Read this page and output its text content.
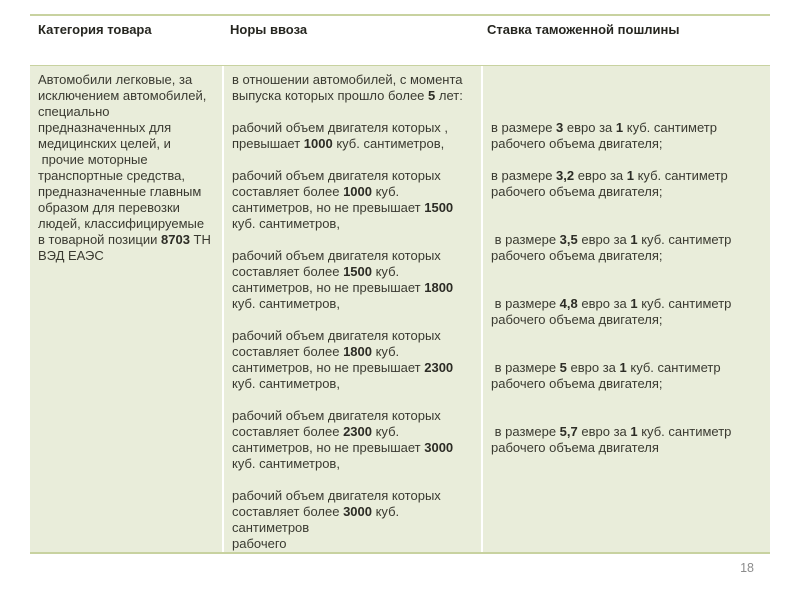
Категория товара	Норы ввоза	Ставка таможенной пошлины
Автомобили легковые, за
исключением автомобилей,
специально
предназначенных для
медицинских целей, и
прочие моторные
транспортные средства,
предназначенные главным
образом для перевозки
людей, классифицируемые
в товарной позиции 8703 ТН
ВЭД ЕАЭС
в отношении автомобилей, с момента
выпуска которых прошло более 5 лет:

рабочий объем двигателя которых ,
превышает 1000 куб. сантиметров,

рабочий объем двигателя которых
составляет более 1000 куб.
сантиметров, но не превышает 1500
куб. сантиметров,

рабочий объем двигателя которых
составляет более 1500 куб.
сантиметров, но не превышает 1800
куб. сантиметров,

рабочий объем двигателя которых
составляет более 1800 куб.
сантиметров, но не превышает 2300
куб. сантиметров,

рабочий объем двигателя которых
составляет более 2300 куб.
сантиметров, но не превышает 3000
куб. сантиметров,

рабочий объем двигателя которых
составляет более 3000 куб.
сантиметров
рабочего

в размере 3 евро за 1 куб. сантиметр
рабочего объема двигателя;

в размере 3,2 евро за 1 куб. сантиметр
рабочего объема двигателя;

в размере 3,5 евро за 1 куб. сантиметр
рабочего объема двигателя;

в размере 4,8 евро за 1 куб. сантиметр
рабочего объема двигателя;

в размере 5 евро за 1 куб. сантиметр
рабочего объема двигателя;

в размере 5,7 евро за 1 куб. сантиметр
рабочего объема двигателя
18
